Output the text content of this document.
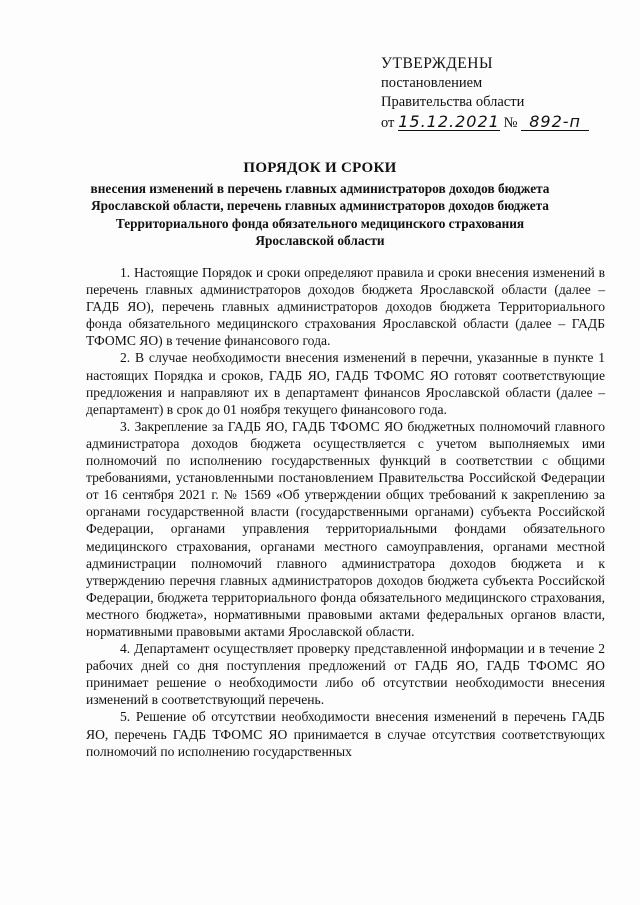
УТВЕРЖДЕНЫ
постановлением
Правительства области
от 15.12.2021 № 892-п
ПОРЯДОК И СРОКИ
внесения изменений в перечень главных администраторов доходов бюджета Ярославской области, перечень главных администраторов доходов бюджета Территориального фонда обязательного медицинского страхования Ярославской области

1. Настоящие Порядок и сроки определяют правила и сроки внесения изменений в перечень главных администраторов доходов бюджета Ярославской области (далее – ГАДБ ЯО), перечень главных администраторов доходов бюджета Территориального фонда обязательного медицинского страхования Ярославской области (далее – ГАДБ ТФОМС ЯО) в течение финансового года.

2. В случае необходимости внесения изменений в перечни, указанные в пункте 1 настоящих Порядка и сроков, ГАДБ ЯО, ГАДБ ТФОМС ЯО готовят соответствующие предложения и направляют их в департамент финансов Ярославской области (далее – департамент) в срок до 01 ноября текущего финансового года.

3. Закрепление за ГАДБ ЯО, ГАДБ ТФОМС ЯО бюджетных полномочий главного администратора доходов бюджета осуществляется с учетом выполняемых ими полномочий по исполнению государственных функций в соответствии с общими требованиями, установленными постановлением Правительства Российской Федерации от 16 сентября 2021 г. № 1569 «Об утверждении общих требований к закреплению за органами государственной власти (государственными органами) субъекта Российской Федерации, органами управления территориальными фондами обязательного медицинского страхования, органами местного самоуправления, органами местной администрации полномочий главного администратора доходов бюджета и к утверждению перечня главных администраторов доходов бюджета субъекта Российской Федерации, бюджета территориального фонда обязательного медицинского страхования, местного бюджета», нормативными правовыми актами федеральных органов власти, нормативными правовыми актами Ярославской области.

4. Департамент осуществляет проверку представленной информации и в течение 2 рабочих дней со дня поступления предложений от ГАДБ ЯО, ГАДБ ТФОМС ЯО принимает решение о необходимости либо об отсутствии необходимости внесения изменений в соответствующий перечень.

5. Решение об отсутствии необходимости внесения изменений в перечень ГАДБ ЯО, перечень ГАДБ ТФОМС ЯО принимается в случае отсутствия соответствующих полномочий по исполнению государственных
